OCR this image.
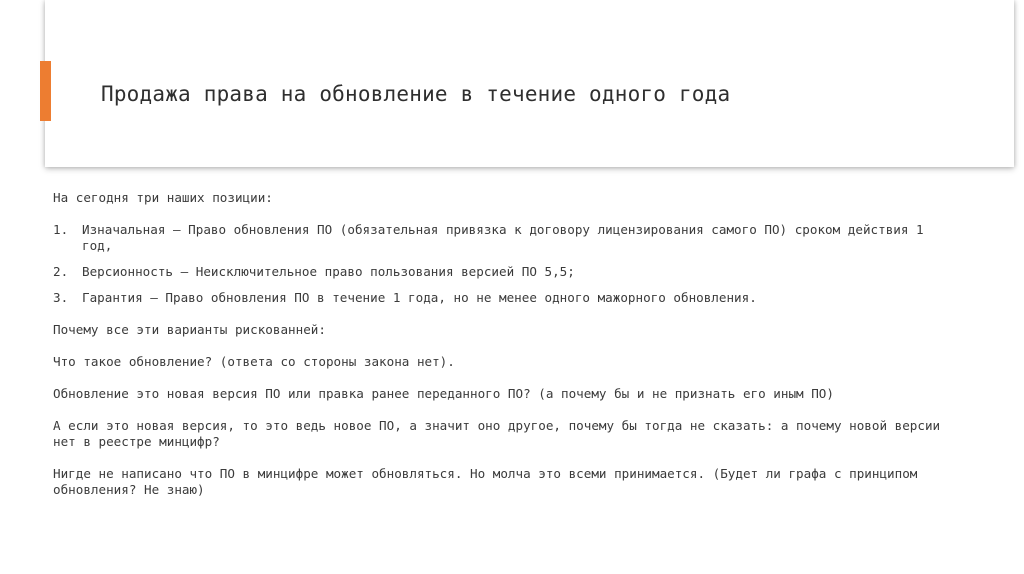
Продажа права на обновление в течение одного года

На сегодня три наших позиции:

1.	Изначальная – Право обновления ПО (обязательная привязка к договору лицензирования самого ПО) сроком действия 1 год,
2.	Версионность – Неисключительное право пользования версией ПО 5,5;
3.	Гарантия – Право обновления ПО в течение 1 года, но не менее одного мажорного обновления.

Почему все эти варианты рискованней:

Что такое обновление? (ответа со стороны закона нет).

Обновление это новая версия ПО или правка ранее переданного ПО? (а почему бы и не признать его иным ПО)

А если это новая версия, то это ведь новое ПО, а значит оно другое, почему бы тогда не сказать: а почему новой версии нет в реестре минцифр?

Нигде не написано что ПО в минцифре может обновляться. Но молча это всеми принимается. (Будет ли графа с принципом обновления? Не знаю)
